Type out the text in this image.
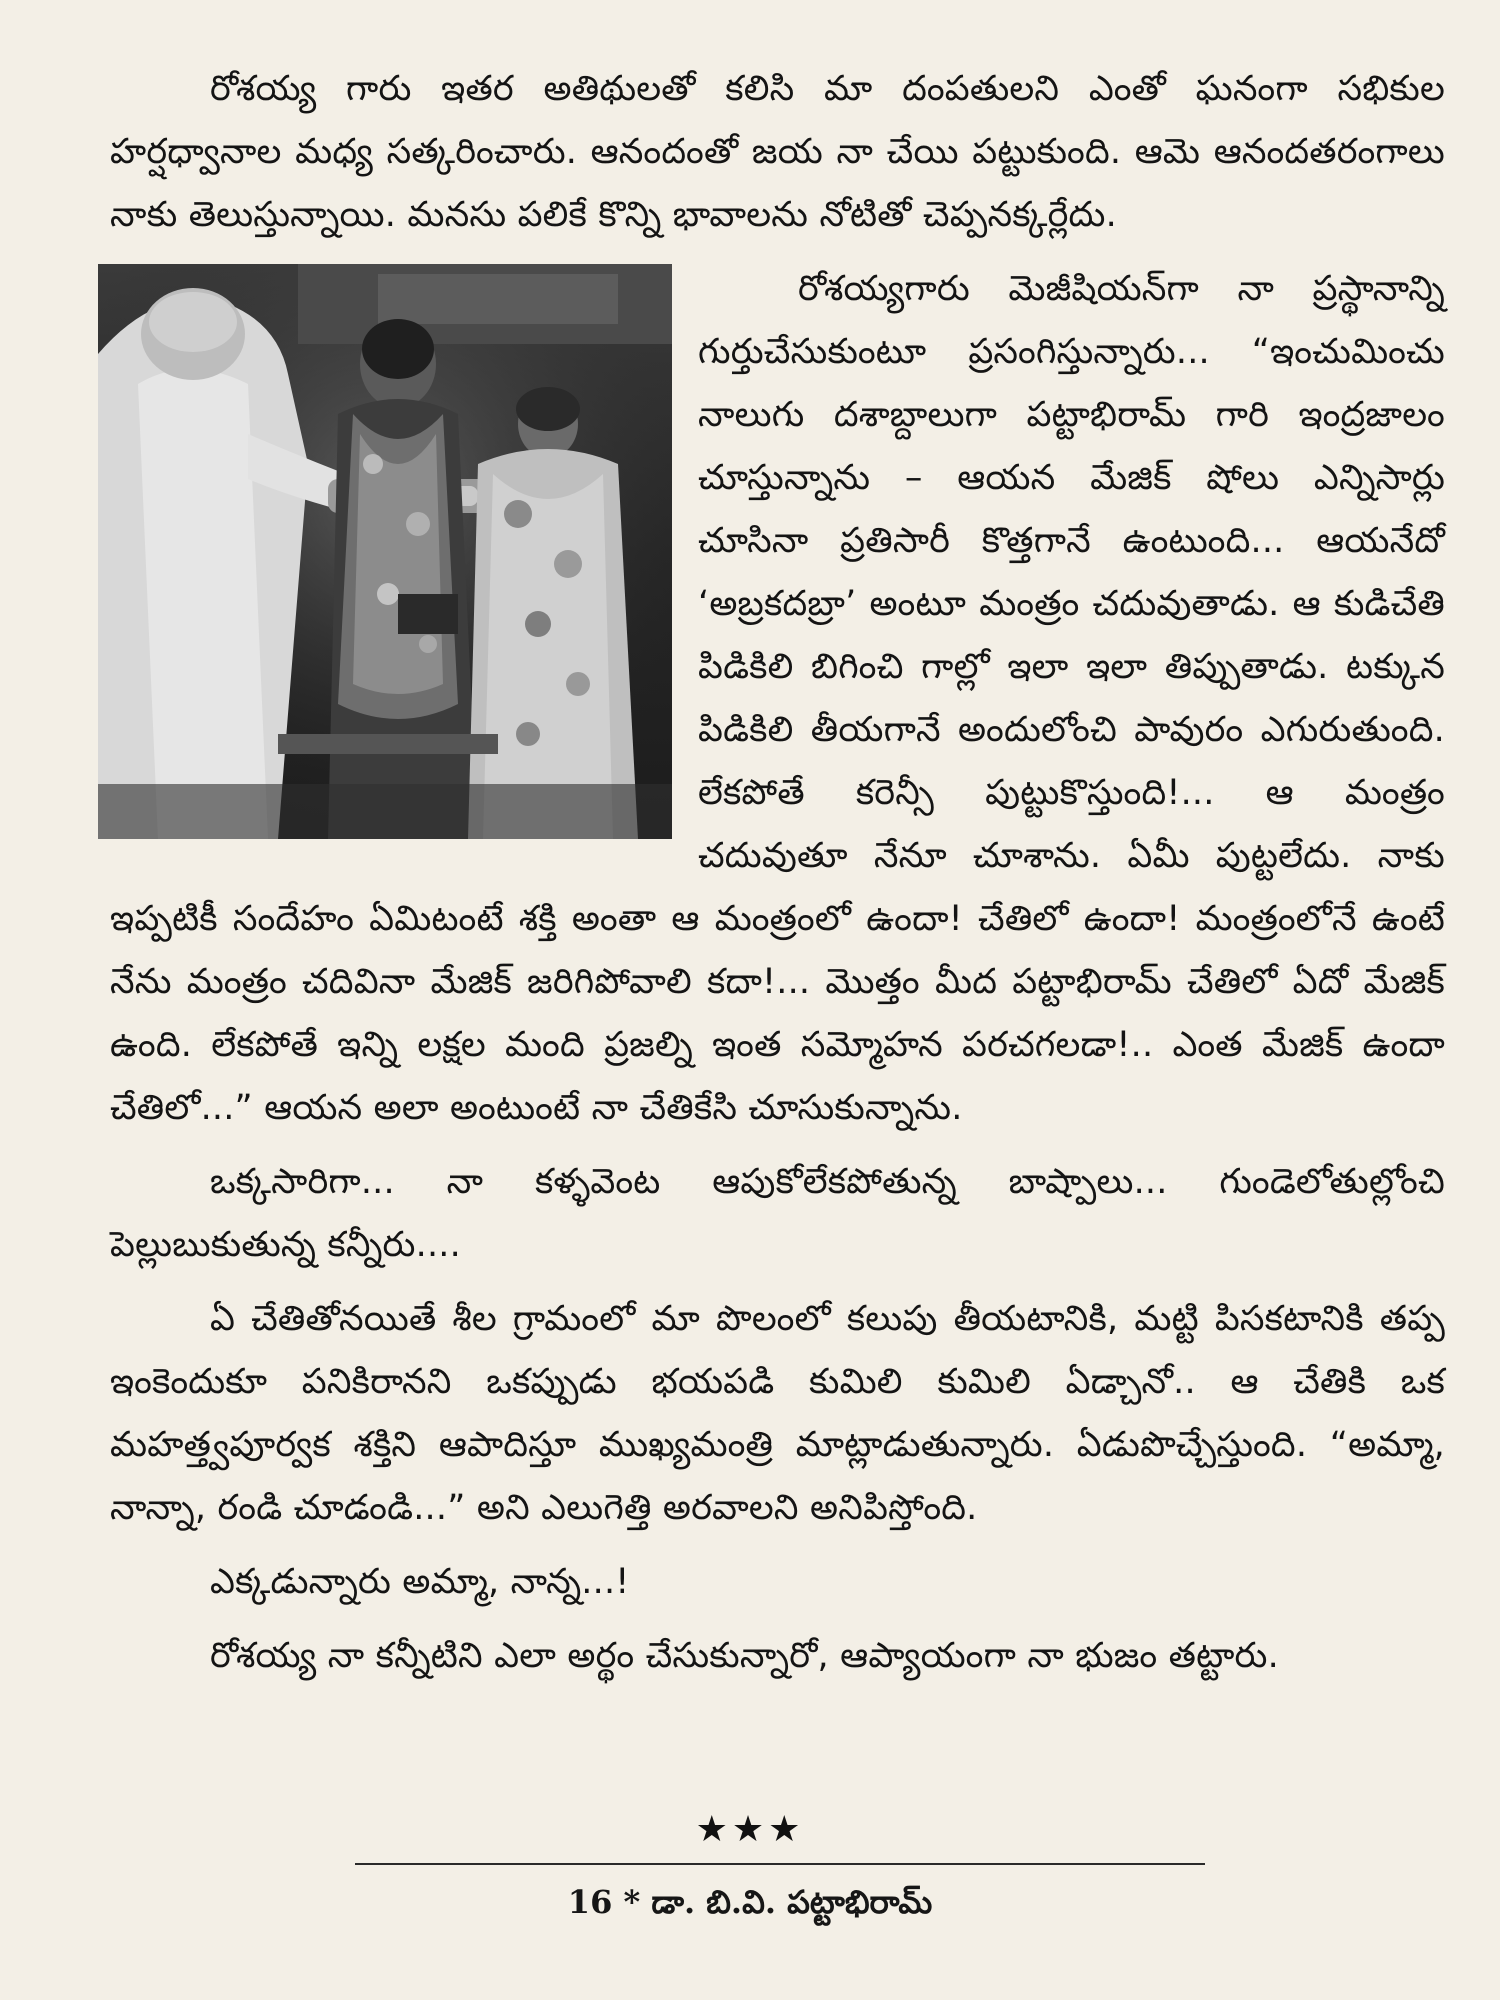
రోశయ్య గారు ఇతర అతిథులతో కలిసి మా దంపతులని ఎంతో ఘనంగా సభికుల హర్షధ్వానాల మధ్య సత్కరించారు. ఆనందంతో జయ నా చేయి పట్టుకుంది. ఆమె ఆనందతరంగాలు నాకు తెలుస్తున్నాయి. మనసు పలికే కొన్ని భావాలను నోటితో చెప్పనక్కర్లేదు.

రోశయ్యగారు మెజీషియన్‌గా నా ప్రస్థానాన్ని గుర్తుచేసుకుంటూ ప్రసంగిస్తున్నారు... “ఇంచుమించు నాలుగు దశాబ్దాలుగా పట్టాభిరామ్ గారి ఇంద్రజాలం చూస్తున్నాను – ఆయన మేజిక్ షోలు ఎన్నిసార్లు చూసినా ప్రతిసారీ కొత్తగానే ఉంటుంది... ఆయనేదో ‘అబ్రకదబ్రా’ అంటూ మంత్రం చదువుతాడు. ఆ కుడిచేతి పిడికిలి బిగించి గాల్లో ఇలా ఇలా తిప్పుతాడు. టక్కున పిడికిలి తీయగానే అందులోంచి పావురం ఎగురుతుంది. లేకపోతే కరెన్సీ పుట్టుకొస్తుంది!... ఆ మంత్రం చదువుతూ నేనూ చూశాను. ఏమీ పుట్టలేదు. నాకు ఇప్పటికీ సందేహం ఏమిటంటే శక్తి అంతా ఆ మంత్రంలో ఉందా! చేతిలో ఉందా! మంత్రంలోనే ఉంటే నేను మంత్రం చదివినా మేజిక్ జరిగిపోవాలి కదా!... మొత్తం మీద పట్టాభిరామ్ చేతిలో ఏదో మేజిక్ ఉంది. లేకపోతే ఇన్ని లక్షల మంది ప్రజల్ని ఇంత సమ్మోహన పరచగలడా!.. ఎంత మేజిక్ ఉందా చేతిలో...” ఆయన అలా అంటుంటే నా చేతికేసి చూసుకున్నాను.

ఒక్కసారిగా... నా కళ్ళవెంట ఆపుకోలేకపోతున్న బాష్పాలు... గుండెలోతుల్లోంచి పెల్లుబుకుతున్న కన్నీరు....

ఏ చేతితోనయితే శీల గ్రామంలో మా పొలంలో కలుపు తీయటానికి, మట్టి పిసకటానికి తప్ప ఇంకెందుకూ పనికిరానని ఒకప్పుడు భయపడి కుమిలి కుమిలి ఏడ్చానో.. ఆ చేతికి ఒక మహత్త్వపూర్వక శక్తిని ఆపాదిస్తూ ముఖ్యమంత్రి మాట్లాడుతున్నారు. ఏడుపొచ్చేస్తుంది. “అమ్మా, నాన్నా, రండి చూడండి...” అని ఎలుగెత్తి అరవాలని అనిపిస్తోంది.

ఎక్కడున్నారు అమ్మా, నాన్న...!

రోశయ్య నా కన్నీటిని ఎలా అర్థం చేసుకున్నారో, ఆప్యాయంగా నా భుజం తట్టారు.

★★★
16 * డా. బి.వి. పట్టాభిరామ్
